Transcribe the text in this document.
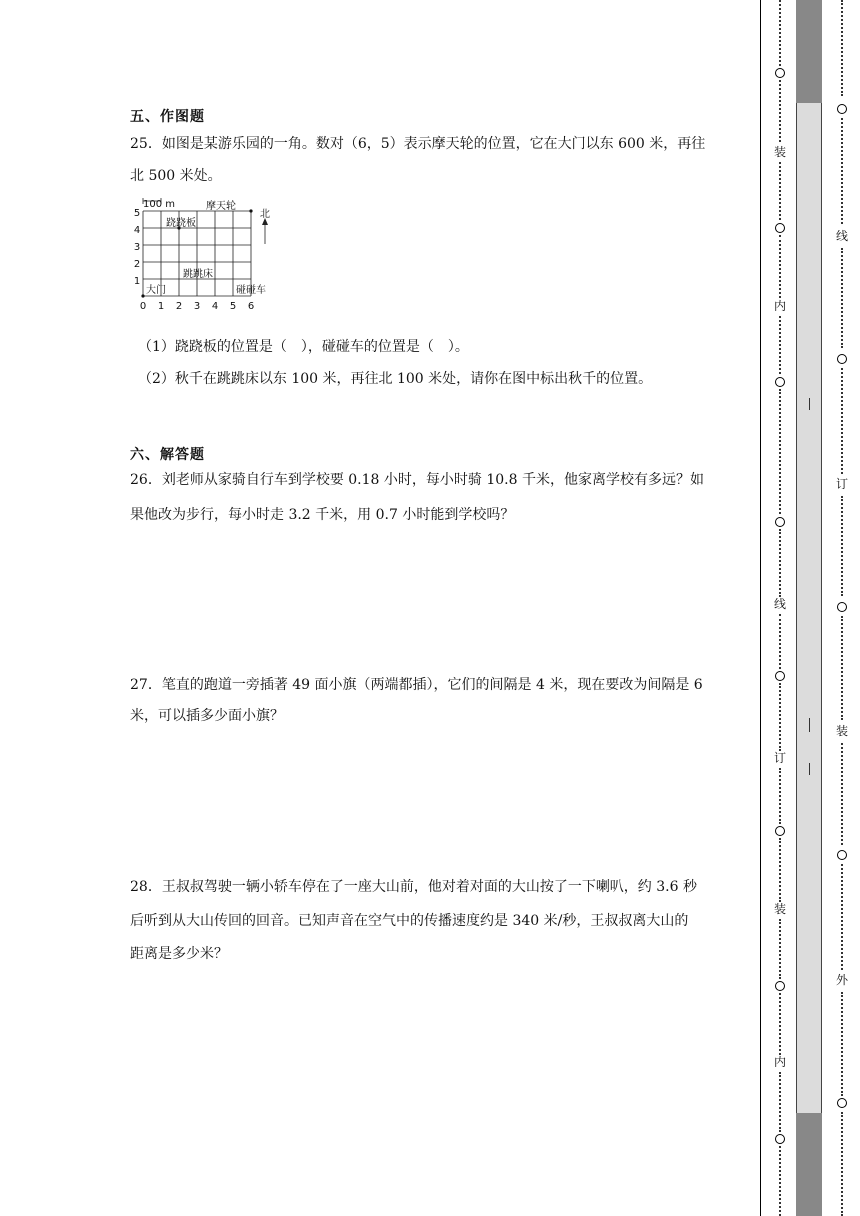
五、作图题
25．如图是某游乐园的一角。数对（6，5）表示摩天轮的位置，它在大门以东 600 米，再往
北 500 米处。
100 m	摩天轮
北
跷跷板
跳跳床
大门	碰碰车
0 1 2 3 4 5 6
1
2
3
4
5
（1）跷跷板的位置是（　），碰碰车的位置是（　）。
（2）秋千在跳跳床以东 100 米，再往北 100 米处，请你在图中标出秋千的位置。
六、解答题
26．刘老师从家骑自行车到学校要 0.18 小时，每小时骑 10.8 千米，他家离学校有多远？如
果他改为步行，每小时走 3.2 千米，用 0.7 小时能到学校吗？
27．笔直的跑道一旁插著 49 面小旗（两端都插），它们的间隔是 4 米，现在要改为间隔是 6
米，可以插多少面小旗？
28．王叔叔驾驶一辆小轿车停在了一座大山前，他对着对面的大山按了一下喇叭，约 3.6 秒
后听到从大山传回的回音。已知声音在空气中的传播速度约是 340 米/秒，王叔叔离大山的
距离是多少米？
装
内
线
订
装
内
线
订
装
外
